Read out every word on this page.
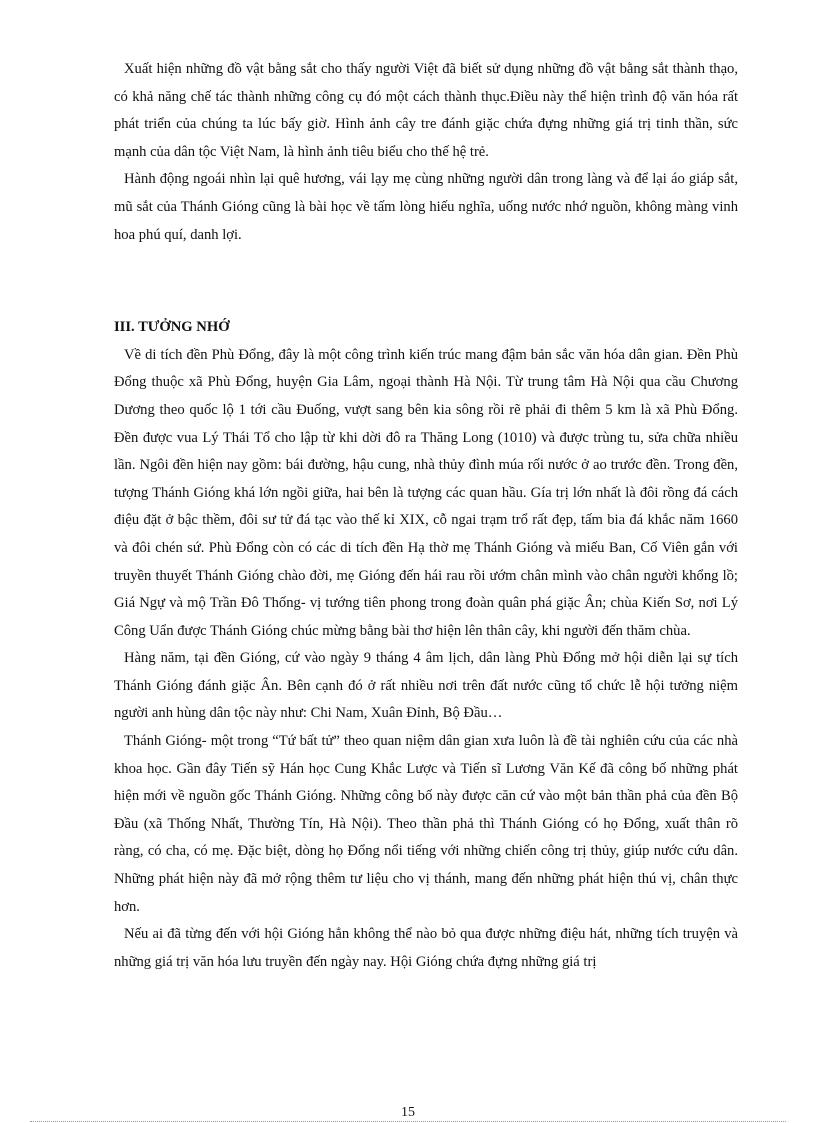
Xuất hiện những đồ vật bằng sắt cho thấy người Việt đã biết sử dụng những đồ vật bằng sắt thành thạo, có khả năng chế tác thành những công cụ đó một cách thành thục.Điều này thể hiện trình độ văn hóa rất phát triển của chúng ta lúc bấy giờ. Hình ảnh cây tre đánh giặc chứa đựng những giá trị tinh thần, sức mạnh của dân tộc Việt Nam, là hình ảnh tiêu biểu cho thế hệ trẻ.

Hành động ngoái nhìn lại quê hương, vái lạy mẹ cùng những người dân trong làng và để lại áo giáp sắt, mũ sắt của Thánh Gióng cũng là bài học về tấm lòng hiếu nghĩa, uống nước nhớ nguồn, không màng vinh hoa phú quí, danh lợi.

III. TƯỞNG NHỚ

Về di tích đền Phù Đổng, đây là một công trình kiến trúc mang đậm bản sắc văn hóa dân gian. Đền Phù Đổng thuộc xã Phù Đổng, huyện Gia Lâm, ngoại thành Hà Nội. Từ trung tâm Hà Nội qua cầu Chương Dương theo quốc lộ 1 tới cầu Đuống, vượt sang bên kia sông rồi rẽ phải đi thêm 5 km là xã Phù Đổng. Đền được vua Lý Thái Tổ cho lập từ khi dời đô ra Thăng Long (1010) và được trùng tu, sửa chữa nhiều lần. Ngôi đền hiện nay gồm: bái đường, hậu cung, nhà thủy đình múa rối nước ở ao trước đền. Trong đền, tượng Thánh Gióng khá lớn ngồi giữa, hai bên là tượng các quan hầu. Gía trị lớn nhất là đôi rồng đá cách điệu đặt ở bậc thềm, đôi sư tử đá tạc vào thế kỉ XIX, cỗ ngai trạm trổ rất đẹp, tấm bia đá khắc năm 1660 và đôi chén sứ. Phù Đổng còn có các di tích đền Hạ thờ mẹ Thánh Gióng và miếu Ban, Cố Viên gắn với truyền thuyết Thánh Gióng chào đời, mẹ Gióng đến hái rau rồi ướm chân mình vào chân người khổng lồ; Giá Ngự và mộ Trần Đô Thống- vị tướng tiên phong trong đoàn quân phá giặc Ân; chùa Kiến Sơ, nơi Lý Công Uẩn được Thánh Gióng chúc mừng bằng bài thơ hiện lên thân cây, khi người đến thăm chùa.

Hàng năm, tại đền Gióng, cứ vào ngày 9 tháng 4 âm lịch, dân làng Phù Đổng mở hội diễn lại sự tích Thánh Gióng đánh giặc Ân. Bên cạnh đó ở rất nhiều nơi trên đất nước cũng tổ chức lễ hội tưởng niệm người anh hùng dân tộc này như: Chi Nam, Xuân Đỉnh, Bộ Đầu…

Thánh Gióng- một trong “Tứ bất tử” theo quan niệm dân gian xưa luôn là đề tài nghiên cứu của các nhà khoa học. Gần đây Tiến sỹ Hán học Cung Khắc Lược và Tiến sĩ Lương Văn Kế đã công bố những phát hiện mới về nguồn gốc Thánh Gióng. Những công bố này được căn cứ vào một bản thần phả của đền Bộ Đầu (xã Thống Nhất, Thường Tín, Hà Nội). Theo thần phả thì Thánh Gióng có họ Đổng, xuất thân rõ ràng, có cha, có mẹ. Đặc biệt, dòng họ Đổng nổi tiếng với những chiến công trị thủy, giúp nước cứu dân. Những phát hiện này đã mở rộng thêm tư liệu cho vị thánh, mang đến những phát hiện thú vị, chân thực hơn.

Nếu ai đã từng đến với hội Gióng hẳn không thể nào bỏ qua được những điệu hát, những tích truyện và những giá trị văn hóa lưu truyền đến ngày nay. Hội Gióng chứa đựng những giá trị

15
